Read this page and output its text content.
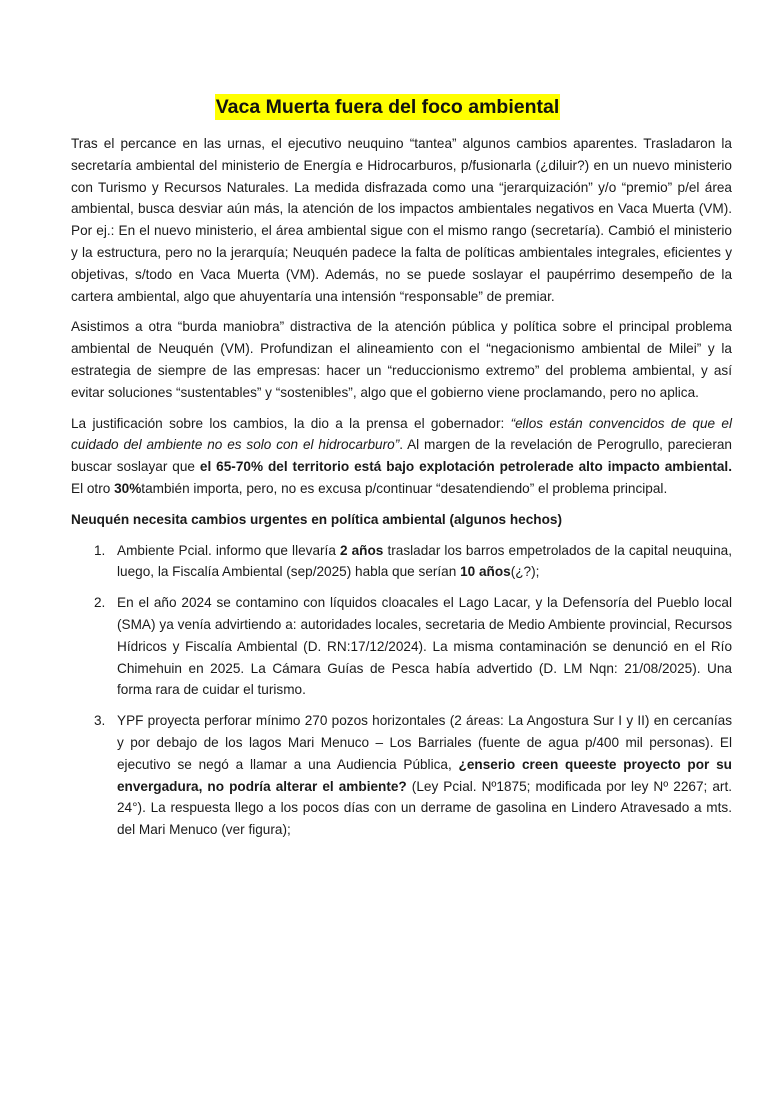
Vaca Muerta fuera del foco ambiental

Tras el percance en las urnas, el ejecutivo neuquino “tantea” algunos cambios aparentes. Trasladaron la secretaría ambiental del ministerio de Energía e Hidrocarburos, p/fusionarla (¿diluir?) en un nuevo ministerio con Turismo y Recursos Naturales. La medida disfrazada como una “jerarquización” y/o “premio” p/el área ambiental, busca desviar aún más, la atención de los impactos ambientales negativos en Vaca Muerta (VM). Por ej.: En el nuevo ministerio, el área ambiental sigue con el mismo rango (secretaría). Cambió el ministerio y la estructura, pero no la jerarquía; Neuquén padece la falta de políticas ambientales integrales, eficientes y objetivas, s/todo en Vaca Muerta (VM). Además, no se puede soslayar el paupérrimo desempeño de la cartera ambiental, algo que ahuyentaría una intensión “responsable” de premiar.

Asistimos a otra “burda maniobra” distractiva de la atención pública y política sobre el principal problema ambiental de Neuquén (VM). Profundizan el alineamiento con el “negacionismo ambiental de Milei” y la estrategia de siempre de las empresas: hacer un “reduccionismo extremo” del problema ambiental, y así evitar soluciones “sustentables” y “sostenibles”, algo que el gobierno viene proclamando, pero no aplica.

La justificación sobre los cambios, la dio a la prensa el gobernador: “ellos están convencidos de que el cuidado del ambiente no es solo con el hidrocarburo”. Al margen de la revelación de Perogrullo, parecieran buscar soslayar que el 65-70% del territorio está bajo explotación petrolerade alto impacto ambiental. El otro 30%también importa, pero, no es excusa p/continuar “desatendiendo” el problema principal.

Neuquén necesita cambios urgentes en política ambiental (algunos hechos)
1. Ambiente Pcial. informo que llevaría 2 años trasladar los barros empetrolados de la capital neuquina, luego, la Fiscalía Ambiental (sep/2025) habla que serían 10 años(¿?);
2. En el año 2024 se contamino con líquidos cloacales el Lago Lacar, y la Defensoría del Pueblo local (SMA) ya venía advirtiendo a: autoridades locales, secretaria de Medio Ambiente provincial, Recursos Hídricos y Fiscalía Ambiental (D. RN:17/12/2024). La misma contaminación se denunció en el Río Chimehuin en 2025. La Cámara Guías de Pesca había advertido (D. LM Nqn: 21/08/2025). Una forma rara de cuidar el turismo.
3. YPF proyecta perforar mínimo 270 pozos horizontales (2 áreas: La Angostura Sur I y II) en cercanías y por debajo de los lagos Mari Menuco – Los Barriales (fuente de agua p/400 mil personas). El ejecutivo se negó a llamar a una Audiencia Pública, ¿enserio creen queeste proyecto por su envergadura, no podría alterar el ambiente? (Ley Pcial. Nº1875; modificada por ley Nº 2267; art. 24°). La respuesta llego a los pocos días con un derrame de gasolina en Lindero Atravesado a mts. del Mari Menuco (ver figura);
